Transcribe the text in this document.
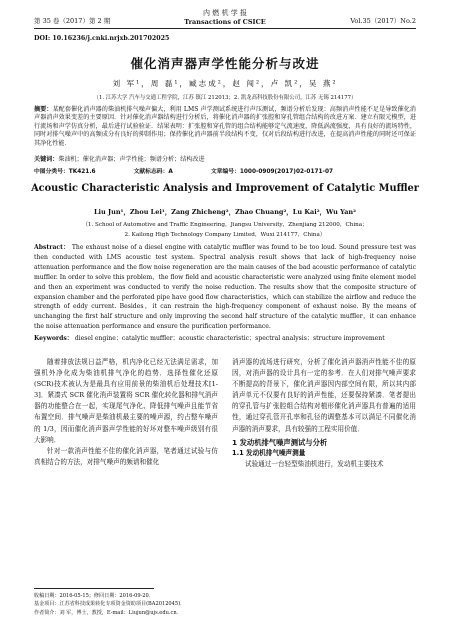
第 35 卷（2017）第 2 期
内 燃 机 学 报
Transactions of CSICE	Vol.35（2017）No.2
DOI: 10.16236/j.cnki.nrjxb.201702025
催化消声器声学性能分析与改进
刘 军¹，周 磊¹，臧志成²，赵 闯²，卢 凯²，吴 燕²
（1. 江苏大学 汽车与交通工程学院，江苏 镇江 212013；2. 凯龙高科技股份有限公司，江苏 无锡 214177）
摘要：某配套催化消声器的柴油机排气噪声偏大，利用 LMS 声学测试系统进行声压测试，频谱分析后发现：高频消声性能不足是导致催化消声器消声效果变差的主要原因．针对催化消声器结构进行分析后，将催化消声器的扩张腔和穿孔管组合结构的改进方案．建立有限元模型，进行流场和声学仿真分析，最后进行试验验证．结果表明：扩张腔和穿孔管的组合结构能够定气流速度，降低涡流强度，具有良好的流场特性，同时对排气噪声中的高频成分有良好的抑制作用；保持催化消声器前半段结构不变，仅对后段结构进行改进，在提高消声性能的同时还可保证其净化性能．
关键词：柴油机；催化消声器；声学性能；频谱分析；结构改进
中图分类号：TK421.6	文献标志码：A	文章编号：1000-0909(2017)02-0171-07
Acoustic Characteristic Analysis and Improvement of Catalytic Muffler
Liu Jun¹，Zhou Lei¹，Zang Zhicheng²，Zhao Chuang²，Lu Kai²，Wu Yan²
（1. School of Automotive and Traffic Engineering，Jiangsu University，Zhenjiang 212000，China；
2. Kailong High Technology Company Limited，Wuxi 214177，China）
Abstract： The exhaust noise of a diesel engine with catalytic muffler was found to be too loud. Sound pressure test was then conducted with LMS acoustic test system. Spectral analysis result shows that lack of high-frequency noise attenuation performance and the flow noise regeneration are the main causes of the bad acoustic performance of catalytic muffler. In order to solve this problem，the flow field and acoustic characteristic were analyzed using finite element model and then an experiment was conducted to verify the noise reduction. The results show that the composite structure of expansion chamber and the perforated pipe have good flow characteristics，which can stabilize the airflow and reduce the strength of eddy current. Besides，it can restrain the high-frequency component of exhaust noise. By the means of unchanging the first half structure and only improving the second half structure of the catalytic muffler，it can enhance the noise attenuation performance and ensure the purification performance.
Keywords： diesel engine；catalytic muffler；acoustic characteristic；spectral analysis；structure improvement

随着排放法规日益严格，机内净化已经无法满足需求，加强机外净化成为柴油机排气净化的趋势．选择性催化还原(SCR)技术被认为是最具有应用前景的柴油机后处理技术[1-3]．紧凑式 SCR 催化消声装置将 SCR 催化转化器和排气消声器的功能整合在一起，实现尾气净化、降低排气噪声且能节省布置空间．排气噪声是柴油机最主要的噪声源，约占整车噪声的 1/3，因而催化消声器声学性能的好坏对整车噪声级别有很大影响．

针对一款消声性能不佳的催化消声器，笔者通过试验与仿真相结合的方法，对排气噪声的频谱和催化

消声器的流场进行研究，分析了催化消声器消声性能不佳的原因，对消声器的设计具有一定的参考．在人们对排气噪声要求不断提高的背景下，催化消声器因内部空间有限，所以其内部消声单元不仅要有良好的消声性能，还要保持紧凑．笔者提出的穿孔管与扩张腔组合结构对植形催化消声器具有普遍的适用性，通过穿孔管开孔率和孔径的调整基本可以满足不同催化消声器的消声要求，具有较强的工程实用价值．

1 发动机排气噪声测试与分析
1.1 发动机排气噪声测量

试验通过一台轻型柴油机进行，发动机主要技术

收稿日期：2016-05-15；修回日期：2016-09-20．
基金项目：江苏省科技成果转化专项资金资助项目(BA2012045)．
作者简介：刘 军，博士，教授，E-mail：Liujun@ujs.edu.cn．
